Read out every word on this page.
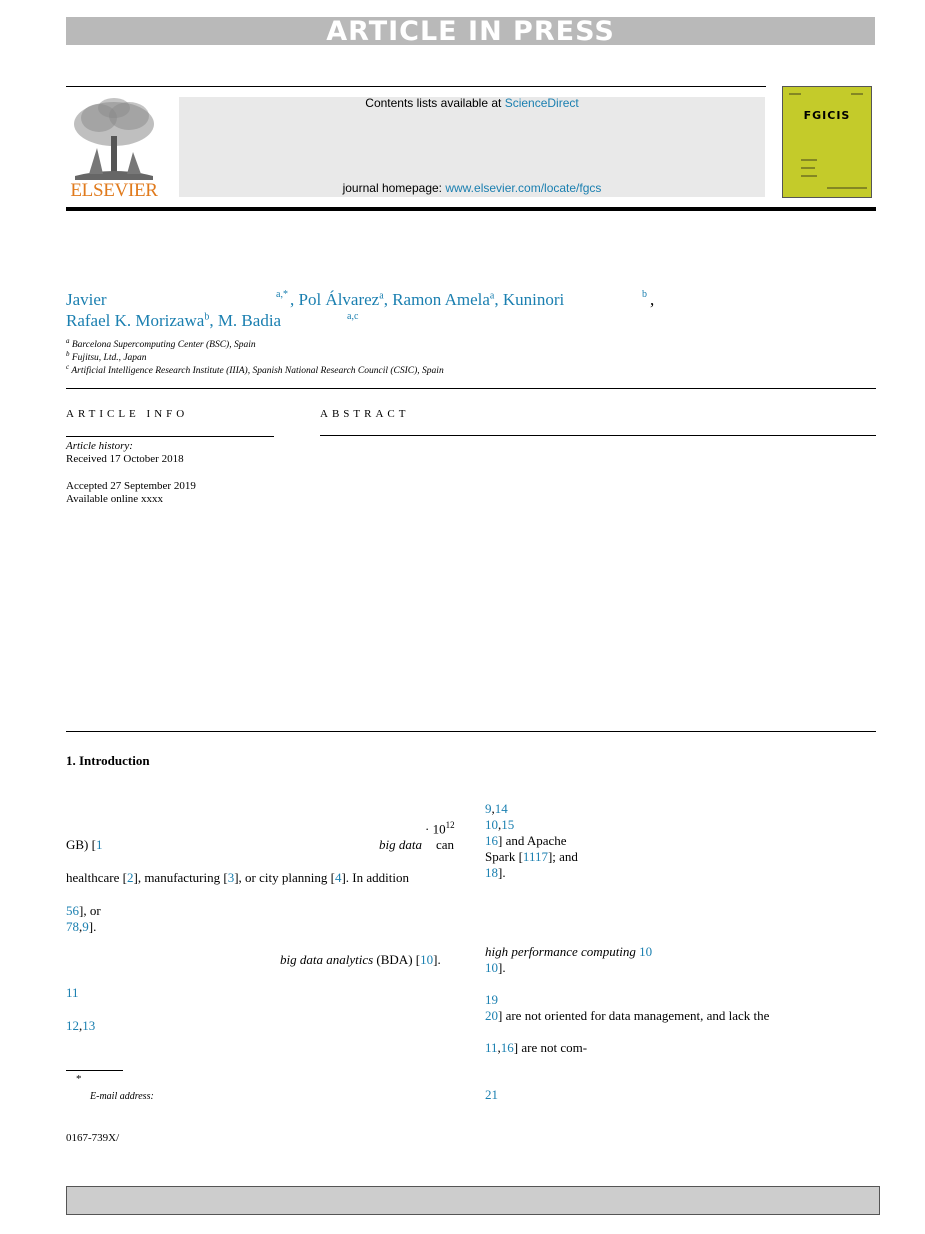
ARTICLE IN PRESS
ELSEVIER
Contents lists available at ScienceDirect
journal homepage: www.elsevier.com/locate/fgcs
FGICIS
Javier	a,* , Pol Álvarez$^a$, Ramon Amela$^a$, Kuninori	b ,
Rafael K. Morizawa$^b$, M. Badia	a,c
$^a$ Barcelona Supercomputing Center (BSC), Spain
$^b$ Fujitsu, Ltd., Japan
$^c$ Artificial Intelligence Research Institute (IIIA), Spanish National Research Council (CSIC), Spain
ARTICLE INFO
Article history:
Received 17 October 2018
Accepted 27 September 2019
Available online xxxx
ABSTRACT
1. Introduction
· $10^{12}$
GB) [1	big data can
healthcare [2], manufacturing [3], or city planning [4]. In addition
56], or
78,9].
big data analytics (BDA) [10].
11
12,13
*
E-mail address:
0167-739X/
9,14
10,15
16] and Apache
Spark [1117]; and
18].
high performance computing 10
10].
19
20] are not oriented for data management, and lack the
11,16] are not com-
21
